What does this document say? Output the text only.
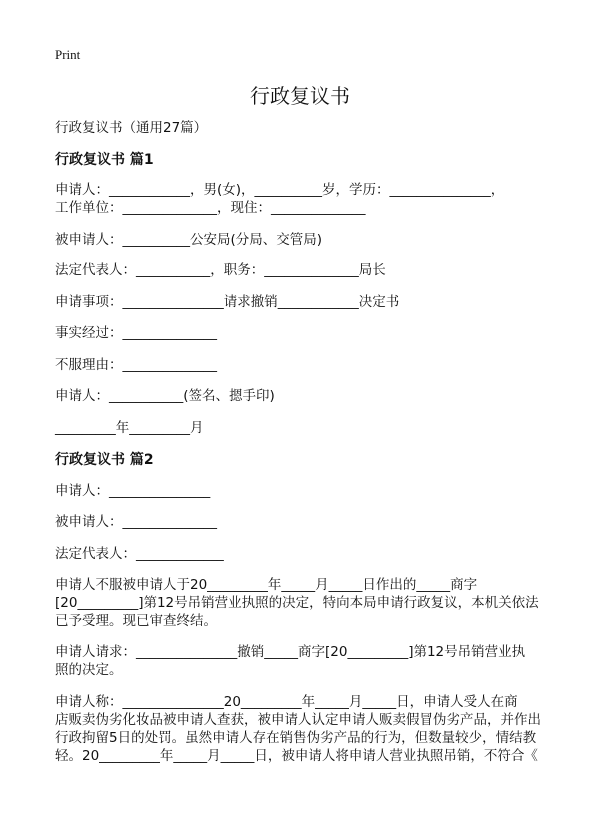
Print
行政复议书
行政复议书（通用27篇）
行政复议书 篇1
申请人：____________，男(女)，__________岁，学历：_______________，
工作单位：______________，现住：______________
被申请人：__________公安局(分局、交管局)
法定代表人：___________，职务：______________局长
申请事项：_______________请求撤销____________决定书
事实经过：______________
不服理由：______________
申请人：___________(签名、摁手印)
_________年_________月
行政复议书 篇2
申请人：_______________
被申请人：______________
法定代表人：_____________
申请人不服被申请人于20_________年_____月_____日作出的_____商字
[20_________]第12号吊销营业执照的决定，特向本局申请行政复议，本机关依法
已予受理。现已审查终结。
申请人请求：_______________撤销_____商字[20_________]第12号吊销营业执
照的决定。
申请人称：_______________20_________年_____月_____日，申请人受人在商
店贩卖伪劣化妆品被申请人查获，被申请人认定申请人贩卖假冒伪劣产品，并作出
行政拘留5日的处罚。虽然申请人存在销售伪劣产品的行为，但数量较少，情结教
轻。20_________年_____月_____日，被申请人将申请人营业执照吊销，不符合《
